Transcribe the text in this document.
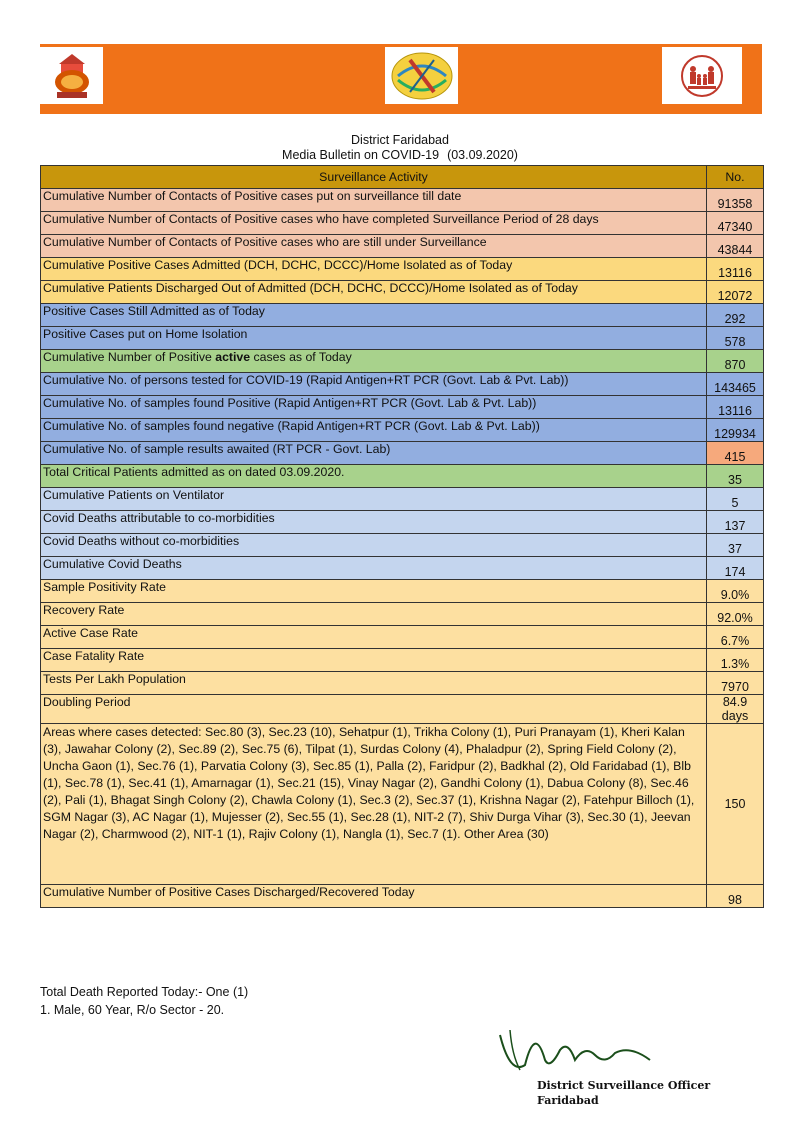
District Faridabad
Media Bulletin on COVID-19 (03.09.2020)
Surveillance Activity	No.
Cumulative Number of Contacts of Positive cases put on surveillance till date	91358
Cumulative Number of Contacts of Positive cases who have completed Surveillance Period of 28 days	47340
Cumulative Number of Contacts of Positive cases who are still under Surveillance	43844
Cumulative Positive Cases Admitted (DCH, DCHC, DCCC)/Home Isolated as of Today	13116
Cumulative Patients Discharged Out of Admitted (DCH, DCHC, DCCC)/Home Isolated as of Today	12072
Positive Cases Still Admitted as of Today	292
Positive Cases put on Home Isolation	578
Cumulative Number of Positive active cases as of Today	870
Cumulative No. of persons tested for COVID-19 (Rapid Antigen+RT PCR (Govt. Lab & Pvt. Lab))	143465
Cumulative No. of samples found Positive (Rapid Antigen+RT PCR (Govt. Lab & Pvt. Lab))	13116
Cumulative No. of samples found negative (Rapid Antigen+RT PCR (Govt. Lab & Pvt. Lab))	129934
Cumulative No. of sample results awaited (RT PCR - Govt. Lab)	415
Total Critical Patients admitted as on dated 03.09.2020.	35
Cumulative Patients on Ventilator	5
Covid Deaths attributable to co-morbidities	137
Covid Deaths without co-morbidities	37
Cumulative Covid Deaths	174
Sample Positivity Rate	9.0%
Recovery Rate	92.0%
Active Case Rate	6.7%
Case Fatality Rate	1.3%
Tests Per Lakh Population	7970
Doubling Period	84.9 days
Areas where cases detected: Sec.80 (3), Sec.23 (10), Sehatpur (1), Trikha Colony (1), Puri Pranayam (1), Kheri Kalan (3), Jawahar Colony (2), Sec.89 (2), Sec.75 (6), Tilpat (1), Surdas Colony (4), Phaladpur (2), Spring Field Colony (2), Uncha Gaon (1), Sec.76 (1), Parvatia Colony (3), Sec.85 (1), Palla (2), Faridpur (2), Badkhal (2), Old Faridabad (1), Blb (1), Sec.78 (1), Sec.41 (1), Amarnagar (1), Sec.21 (15), Vinay Nagar (2), Gandhi Colony (1), Dabua Colony (8), Sec.46 (2), Pali (1), Bhagat Singh Colony (2), Chawla Colony (1), Sec.3 (2), Sec.37 (1), Krishna Nagar (2), Fatehpur Billoch (1), SGM Nagar (3), AC Nagar (1), Mujesser (2), Sec.55 (1), Sec.28 (1), NIT-2 (7), Shiv Durga Vihar (3), Sec.30 (1), Jeevan Nagar (2), Charmwood (2), NIT-1 (1), Rajiv Colony (1), Nangla (1), Sec.7 (1). Other Area (30)	150
Cumulative Number of Positive Cases Discharged/Recovered Today	98
Total Death Reported Today:- One (1)
1. Male, 60 Year, R/o Sector - 20.
District Surveillance Officer
Faridabad
